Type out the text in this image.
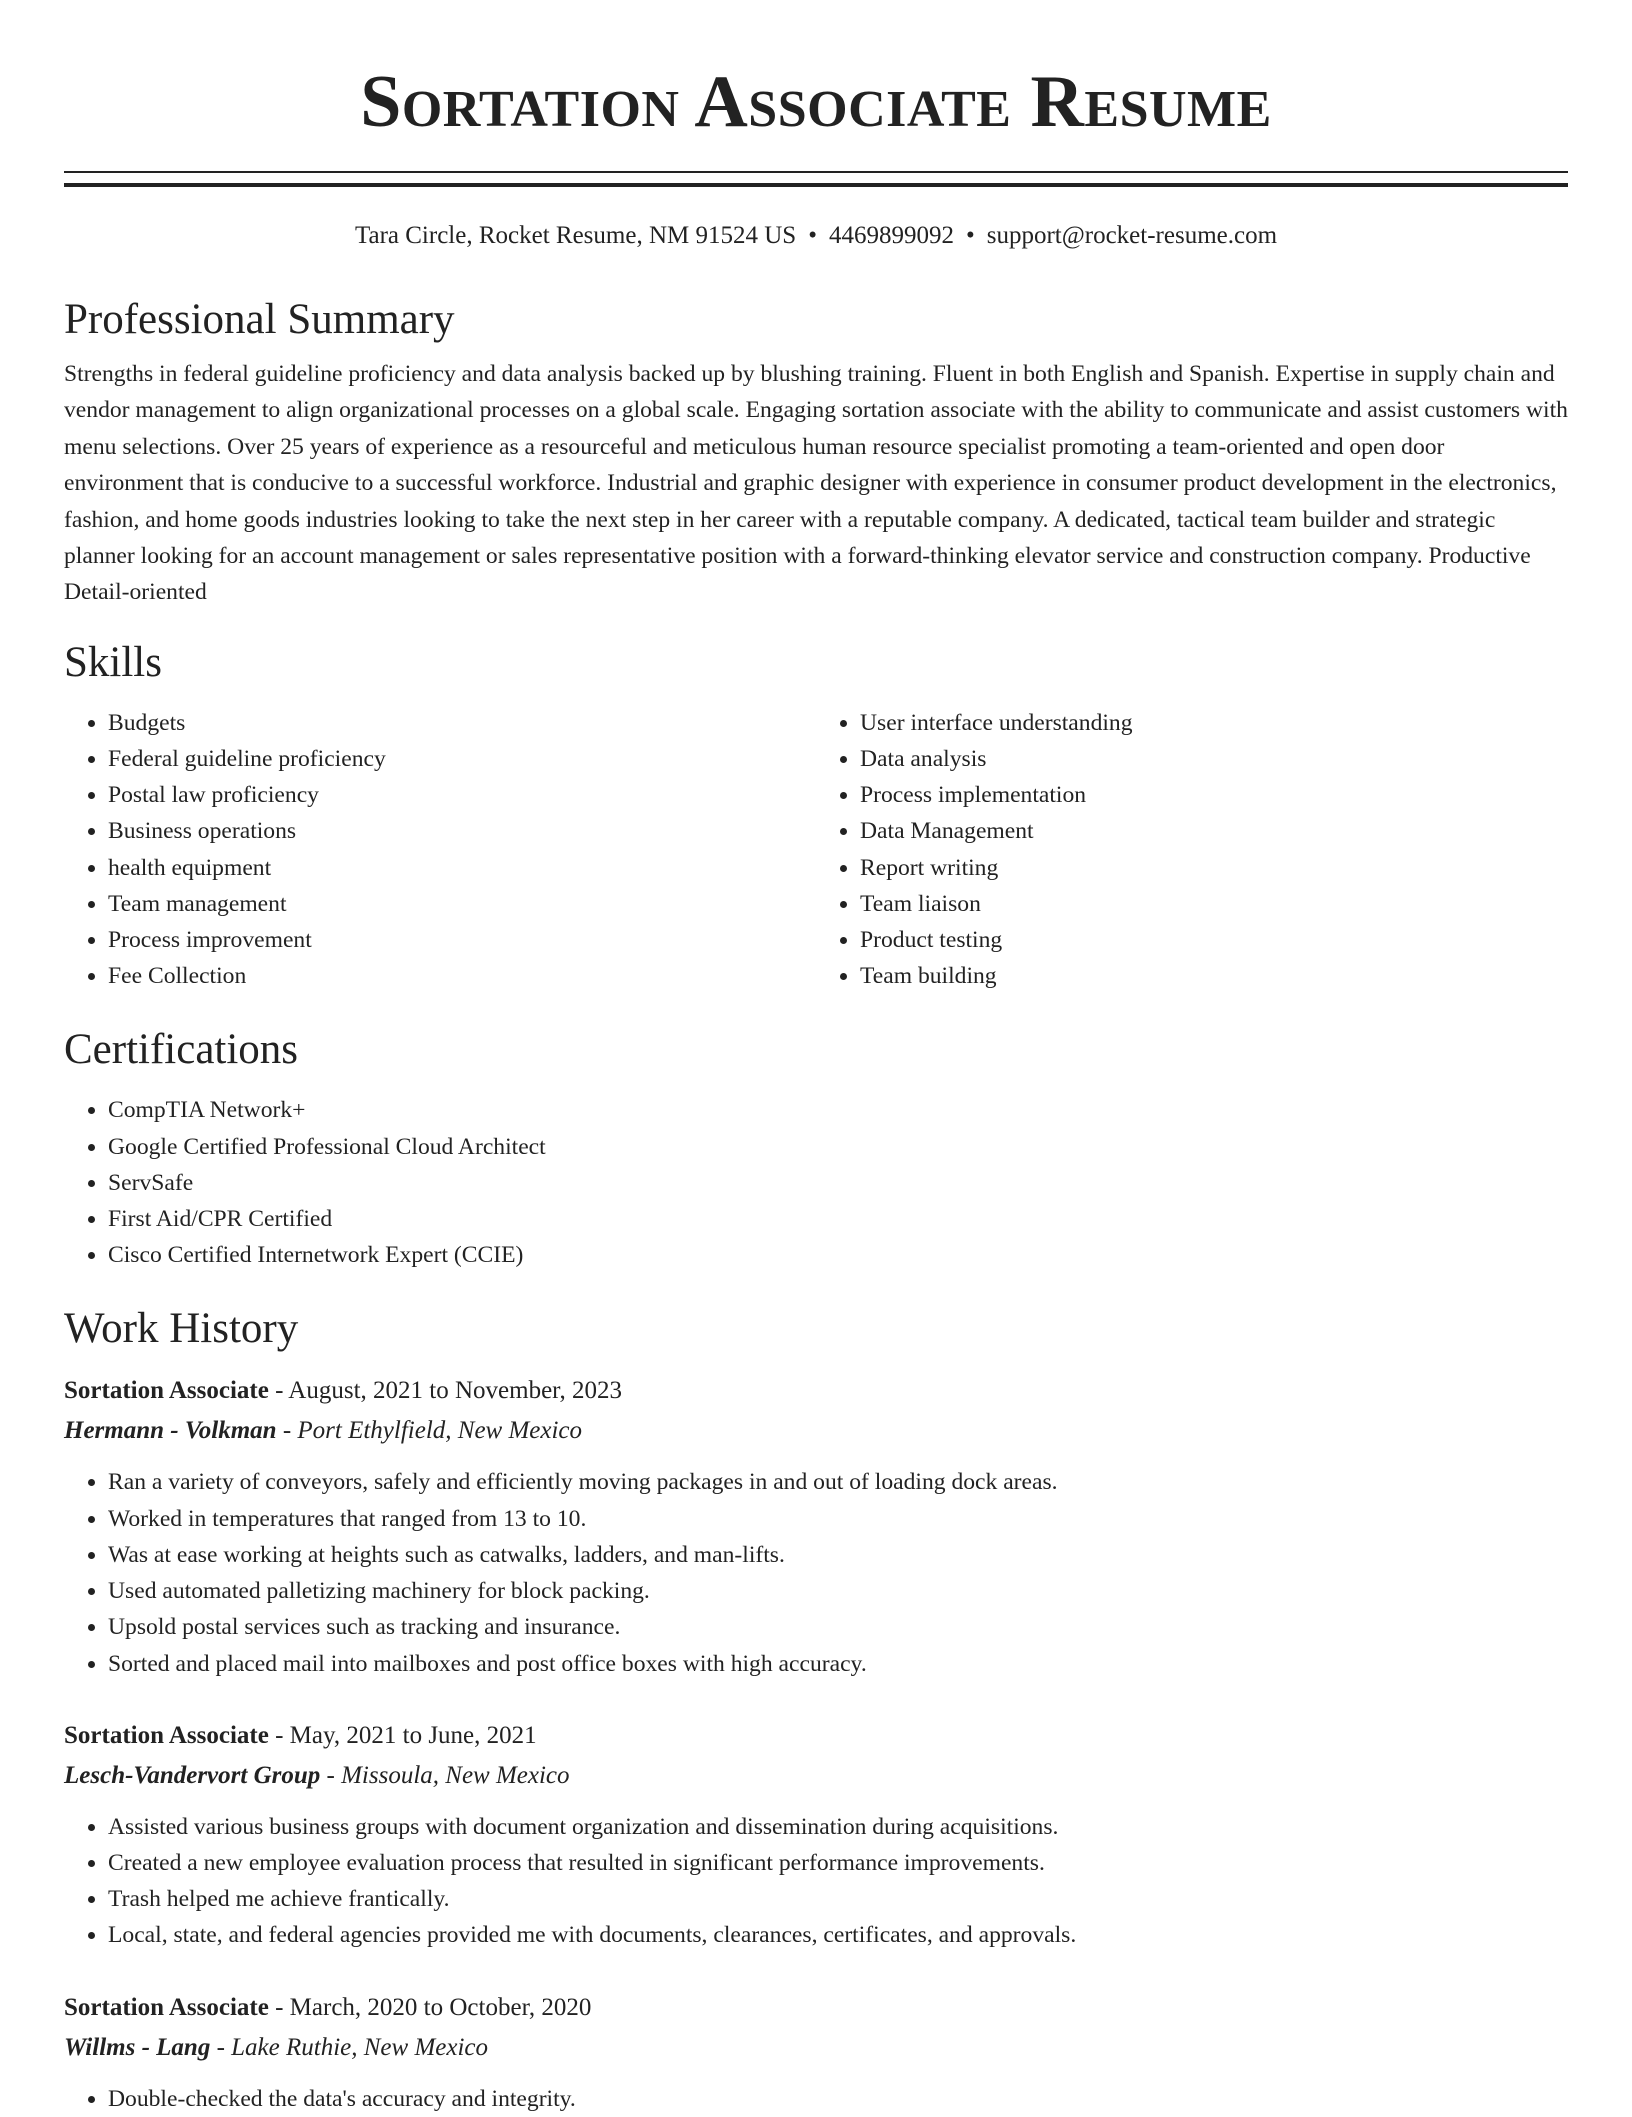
Sortation Associate Resume
Tara Circle, Rocket Resume, NM 91524 US • 4469899092 • support@rocket-resume.com
Professional Summary

Strengths in federal guideline proficiency and data analysis backed up by blushing training. Fluent in both English and Spanish. Expertise in supply chain and vendor management to align organizational processes on a global scale. Engaging sortation associate with the ability to communicate and assist customers with menu selections. Over 25 years of experience as a resourceful and meticulous human resource specialist promoting a team-oriented and open door environment that is conducive to a successful workforce. Industrial and graphic designer with experience in consumer product development in the electronics, fashion, and home goods industries looking to take the next step in her career with a reputable company. A dedicated, tactical team builder and strategic planner looking for an account management or sales representative position with a forward-thinking elevator service and construction company. Productive Detail-oriented

Skills
• Budgets
• Federal guideline proficiency
• Postal law proficiency
• Business operations
• health equipment
• Team management
• Process improvement
• Fee Collection
• User interface understanding
• Data analysis
• Process implementation
• Data Management
• Report writing
• Team liaison
• Product testing
• Team building
Certifications
• CompTIA Network+
• Google Certified Professional Cloud Architect
• ServSafe
• First Aid/CPR Certified
• Cisco Certified Internetwork Expert (CCIE)
Work History
Sortation Associate - August, 2021 to November, 2023
Hermann - Volkman - Port Ethylfield, New Mexico
• Ran a variety of conveyors, safely and efficiently moving packages in and out of loading dock areas.
• Worked in temperatures that ranged from 13 to 10.
• Was at ease working at heights such as catwalks, ladders, and man-lifts.
• Used automated palletizing machinery for block packing.
• Upsold postal services such as tracking and insurance.
• Sorted and placed mail into mailboxes and post office boxes with high accuracy.
Sortation Associate - May, 2021 to June, 2021
Lesch-Vandervort Group - Missoula, New Mexico
• Assisted various business groups with document organization and dissemination during acquisitions.
• Created a new employee evaluation process that resulted in significant performance improvements.
• Trash helped me achieve frantically.
• Local, state, and federal agencies provided me with documents, clearances, certificates, and approvals.
Sortation Associate - March, 2020 to October, 2020
Willms - Lang - Lake Ruthie, New Mexico
• Double-checked the data's accuracy and integrity.
